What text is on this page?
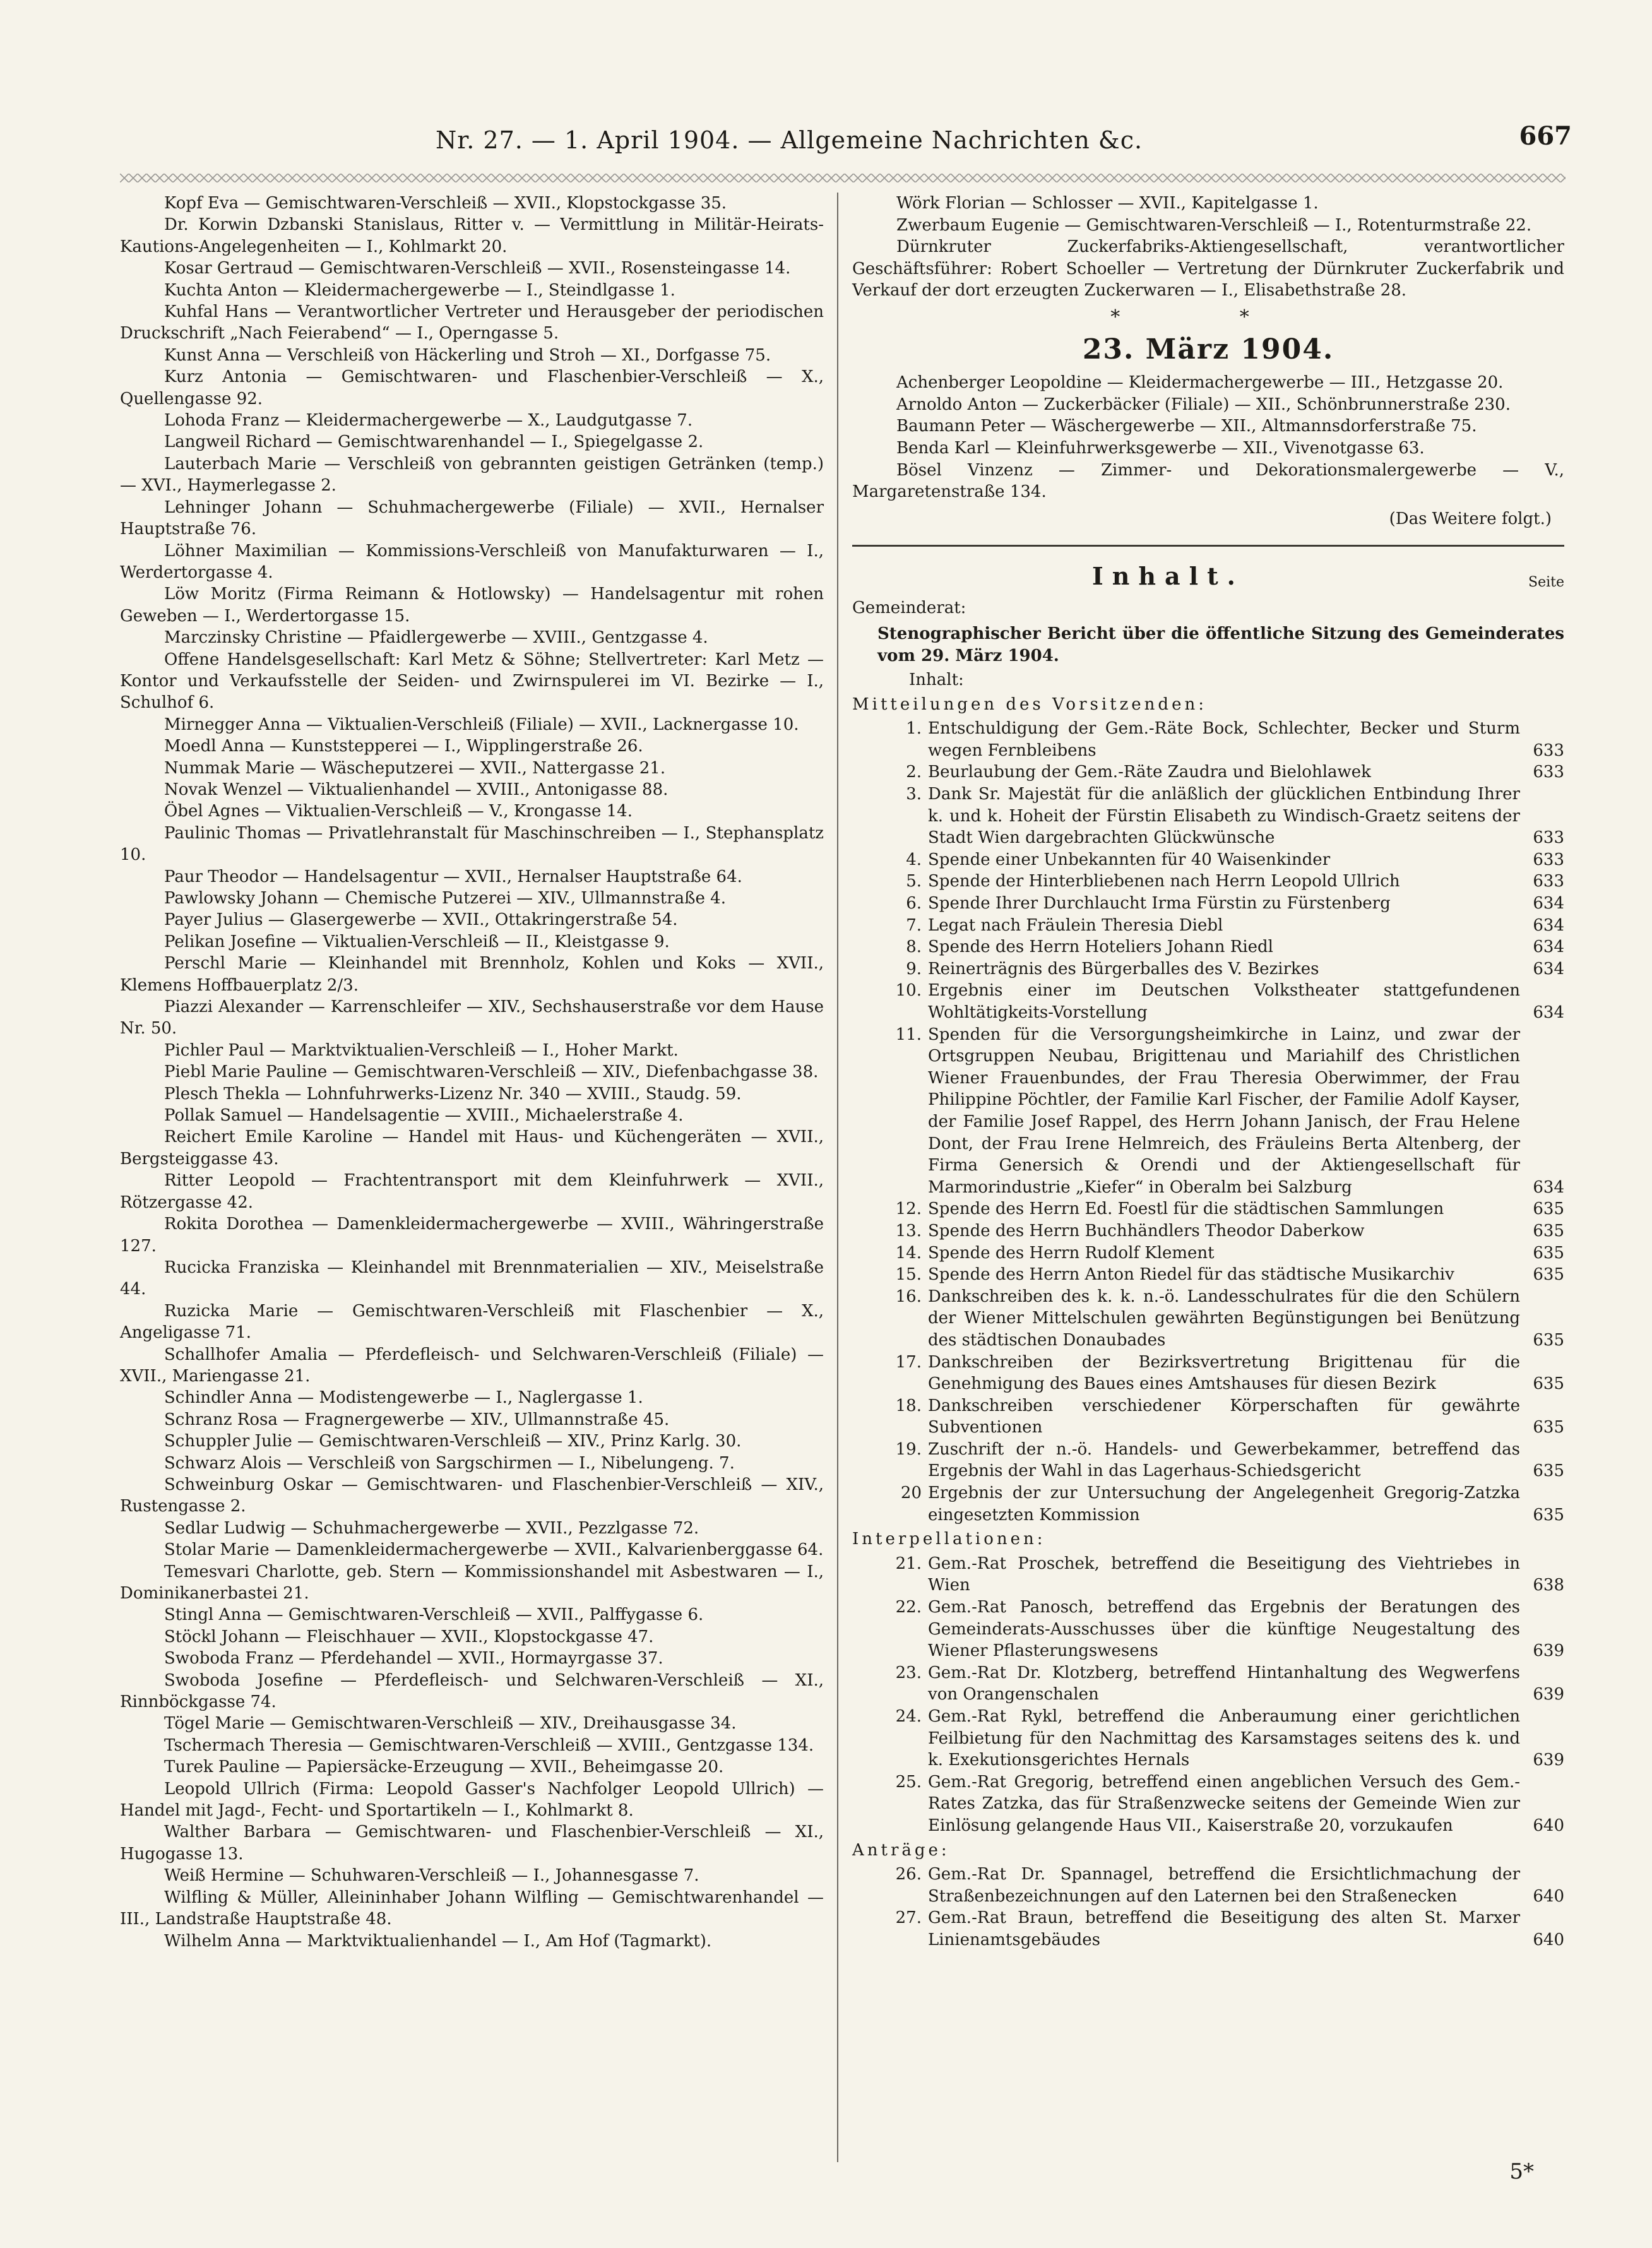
Nr. 27. — 1. April 1904. — Allgemeine Nachrichten &c.	667

Kopf Eva — Gemischtwaren-Verschleiß — XVII., Klopstockgasse 35.

Dr. Korwin Dzbanski Stanislaus, Ritter v. — Vermittlung in Militär-Heirats-Kautions-Angelegenheiten — I., Kohlmarkt 20.

Kosar Gertraud — Gemischtwaren-Verschleiß — XVII., Rosensteingasse 14.

Kuchta Anton — Kleidermachergewerbe — I., Steindlgasse 1.

Kuhfal Hans — Verantwortlicher Vertreter und Herausgeber der periodischen Druckschrift „Nach Feierabend“ — I., Operngasse 5.

Kunst Anna — Verschleiß von Häckerling und Stroh — XI., Dorfgasse 75.

Kurz Antonia — Gemischtwaren- und Flaschenbier-Verschleiß — X., Quellengasse 92.

Lohoda Franz — Kleidermachergewerbe — X., Laudgutgasse 7.

Langweil Richard — Gemischtwarenhandel — I., Spiegelgasse 2.

Lauterbach Marie — Verschleiß von gebrannten geistigen Getränken (temp.) — XVI., Haymerlegasse 2.

Lehninger Johann — Schuhmachergewerbe (Filiale) — XVII., Hernalser Hauptstraße 76.

Löhner Maximilian — Kommissions-Verschleiß von Manufakturwaren — I., Werdertorgasse 4.

Löw Moritz (Firma Reimann & Hotlowsky) — Handelsagentur mit rohen Geweben — I., Werdertorgasse 15.

Marczinsky Christine — Pfaidlergewerbe — XVIII., Gentzgasse 4.

Offene Handelsgesellschaft: Karl Metz & Söhne; Stellvertreter: Karl Metz — Kontor und Verkaufsstelle der Seiden- und Zwirnspulerei im VI. Bezirke — I., Schulhof 6.

Mirnegger Anna — Viktualien-Verschleiß (Filiale) — XVII., Lacknergasse 10.

Moedl Anna — Kunststepperei — I., Wipplingerstraße 26.

Nummak Marie — Wäscheputzerei — XVII., Nattergasse 21.

Novak Wenzel — Viktualienhandel — XVIII., Antonigasse 88.

Öbel Agnes — Viktualien-Verschleiß — V., Krongasse 14.

Paulinic Thomas — Privatlehranstalt für Maschinschreiben — I., Stephansplatz 10.

Paur Theodor — Handelsagentur — XVII., Hernalser Hauptstraße 64.

Pawlowsky Johann — Chemische Putzerei — XIV., Ullmannstraße 4.

Payer Julius — Glasergewerbe — XVII., Ottakringerstraße 54.

Pelikan Josefine — Viktualien-Verschleiß — II., Kleistgasse 9.

Perschl Marie — Kleinhandel mit Brennholz, Kohlen und Koks — XVII., Klemens Hoffbauerplatz 2/3.

Piazzi Alexander — Karrenschleifer — XIV., Sechshauserstraße vor dem Hause Nr. 50.

Pichler Paul — Marktviktualien-Verschleiß — I., Hoher Markt.

Piebl Marie Pauline — Gemischtwaren-Verschleiß — XIV., Diefenbachgasse 38.

Plesch Thekla — Lohnfuhrwerks-Lizenz Nr. 340 — XVIII., Staudg. 59.

Pollak Samuel — Handelsagentie — XVIII., Michaelerstraße 4.

Reichert Emile Karoline — Handel mit Haus- und Küchengeräten — XVII., Bergsteiggasse 43.

Ritter Leopold — Frachtentransport mit dem Kleinfuhrwerk — XVII., Rötzergasse 42.

Rokita Dorothea — Damenkleidermachergewerbe — XVIII., Währingerstraße 127.

Rucicka Franziska — Kleinhandel mit Brennmaterialien — XIV., Meiselstraße 44.

Ruzicka Marie — Gemischtwaren-Verschleiß mit Flaschenbier — X., Angeligasse 71.

Schallhofer Amalia — Pferdefleisch- und Selchwaren-Verschleiß (Filiale) — XVII., Mariengasse 21.

Schindler Anna — Modistengewerbe — I., Naglergasse 1.

Schranz Rosa — Fragnergewerbe — XIV., Ullmannstraße 45.

Schuppler Julie — Gemischtwaren-Verschleiß — XIV., Prinz Karlg. 30.

Schwarz Alois — Verschleiß von Sargschirmen — I., Nibelungeng. 7.

Schweinburg Oskar — Gemischtwaren- und Flaschenbier-Verschleiß — XIV., Rustengasse 2.

Sedlar Ludwig — Schuhmachergewerbe — XVII., Pezzlgasse 72.

Stolar Marie — Damenkleidermachergewerbe — XVII., Kalvarienberggasse 64.

Temesvari Charlotte, geb. Stern — Kommissionshandel mit Asbestwaren — I., Dominikanerbastei 21.

Stingl Anna — Gemischtwaren-Verschleiß — XVII., Palffygasse 6.

Stöckl Johann — Fleischhauer — XVII., Klopstockgasse 47.

Swoboda Franz — Pferdehandel — XVII., Hormayrgasse 37.

Swoboda Josefine — Pferdefleisch- und Selchwaren-Verschleiß — XI., Rinnböckgasse 74.

Tögel Marie — Gemischtwaren-Verschleiß — XIV., Dreihausgasse 34.

Tschermach Theresia — Gemischtwaren-Verschleiß — XVIII., Gentzgasse 134.

Turek Pauline — Papiersäcke-Erzeugung — XVII., Beheimgasse 20.

Leopold Ullrich (Firma: Leopold Gasser's Nachfolger Leopold Ullrich) — Handel mit Jagd-, Fecht- und Sportartikeln — I., Kohlmarkt 8.

Walther Barbara — Gemischtwaren- und Flaschenbier-Verschleiß — XI., Hugogasse 13.

Weiß Hermine — Schuhwaren-Verschleiß — I., Johannesgasse 7.

Wilfling & Müller, Alleininhaber Johann Wilfling — Gemischtwarenhandel — III., Landstraße Hauptstraße 48.

Wilhelm Anna — Marktviktualienhandel — I., Am Hof (Tagmarkt).

Wörk Florian — Schlosser — XVII., Kapitelgasse 1.

Zwerbaum Eugenie — Gemischtwaren-Verschleiß — I., Rotenturmstraße 22.

Dürnkruter Zuckerfabriks-Aktiengesellschaft, verantwortlicher Geschäftsführer: Robert Schoeller — Vertretung der Dürnkruter Zuckerfabrik und Verkauf der dort erzeugten Zuckerwaren — I., Elisabethstraße 28.

* *
23. März 1904.

Achenberger Leopoldine — Kleidermachergewerbe — III., Hetzgasse 20.

Arnoldo Anton — Zuckerbäcker (Filiale) — XII., Schönbrunnerstraße 230.

Baumann Peter — Wäschergewerbe — XII., Altmannsdorferstraße 75.

Benda Karl — Kleinfuhrwerksgewerbe — XII., Vivenotgasse 63.

Bösel Vinzenz — Zimmer- und Dekorationsmalergewerbe — V., Margaretenstraße 134.

(Das Weitere folgt.)
Inhalt.	Seite
Gemeinderat:
Stenographischer Bericht über die öffentliche Sitzung des Gemeinderates vom 29. März 1904.
Inhalt:
Mitteilungen des Vorsitzenden:
1. Entschuldigung der Gem.-Räte Bock, Schlechter, Becker und Sturm wegen Fernbleibens	633
2. Beurlaubung der Gem.-Räte Zaudra und Bielohlawek	633
3. Dank Sr. Majestät für die anläßlich der glücklichen Entbindung Ihrer k. und k. Hoheit der Fürstin Elisabeth zu Windisch-Graetz seitens der Stadt Wien dargebrachten Glückwünsche	633
4. Spende einer Unbekannten für 40 Waisenkinder	633
5. Spende der Hinterbliebenen nach Herrn Leopold Ullrich	633
6. Spende Ihrer Durchlaucht Irma Fürstin zu Fürstenberg	634
7. Legat nach Fräulein Theresia Diebl	634
8. Spende des Herrn Hoteliers Johann Riedl	634
9. Reinerträgnis des Bürgerballes des V. Bezirkes	634
10. Ergebnis einer im Deutschen Volkstheater stattgefundenen Wohltätigkeits-Vorstellung	634
11. Spenden für die Versorgungsheimkirche in Lainz, und zwar der Ortsgruppen Neubau, Brigittenau und Mariahilf des Christlichen Wiener Frauenbundes, der Frau Theresia Oberwimmer, der Frau Philippine Pöchtler, der Familie Karl Fischer, der Familie Adolf Kayser, der Familie Josef Rappel, des Herrn Johann Janisch, der Frau Helene Dont, der Frau Irene Helmreich, des Fräuleins Berta Altenberg, der Firma Genersich & Orendi und der Aktiengesellschaft für Marmorindustrie „Kiefer“ in Oberalm bei Salzburg	634
12. Spende des Herrn Ed. Foestl für die städtischen Sammlungen	635
13. Spende des Herrn Buchhändlers Theodor Daberkow	635
14. Spende des Herrn Rudolf Klement	635
15. Spende des Herrn Anton Riedel für das städtische Musikarchiv	635
16. Dankschreiben des k. k. n.-ö. Landesschulrates für die den Schülern der Wiener Mittelschulen gewährten Begünstigungen bei Benützung des städtischen Donaubades	635
17. Dankschreiben der Bezirksvertretung Brigittenau für die Genehmigung des Baues eines Amtshauses für diesen Bezirk	635
18. Dankschreiben verschiedener Körperschaften für gewährte Subventionen	635
19. Zuschrift der n.-ö. Handels- und Gewerbekammer, betreffend das Ergebnis der Wahl in das Lagerhaus-Schiedsgericht	635
20 Ergebnis der zur Untersuchung der Angelegenheit Gregorig-Zatzka eingesetzten Kommission	635
Interpellationen:
21. Gem.-Rat Proschek, betreffend die Beseitigung des Viehtriebes in Wien	638
22. Gem.-Rat Panosch, betreffend das Ergebnis der Beratungen des Gemeinderats-Ausschusses über die künftige Neugestaltung des Wiener Pflasterungswesens	639
23. Gem.-Rat Dr. Klotzberg, betreffend Hintanhaltung des Wegwerfens von Orangenschalen	639
24. Gem.-Rat Rykl, betreffend die Anberaumung einer gerichtlichen Feilbietung für den Nachmittag des Karsamstages seitens des k. und k. Exekutionsgerichtes Hernals	639
25. Gem.-Rat Gregorig, betreffend einen angeblichen Versuch des Gem.-Rates Zatzka, das für Straßenzwecke seitens der Gemeinde Wien zur Einlösung gelangende Haus VII., Kaiserstraße 20, vorzukaufen	640
Anträge:
26. Gem.-Rat Dr. Spannagel, betreffend die Ersichtlichmachung der Straßenbezeichnungen auf den Laternen bei den Straßenecken	640
27. Gem.-Rat Braun, betreffend die Beseitigung des alten St. Marxer Linienamtsgebäudes	640
5*
